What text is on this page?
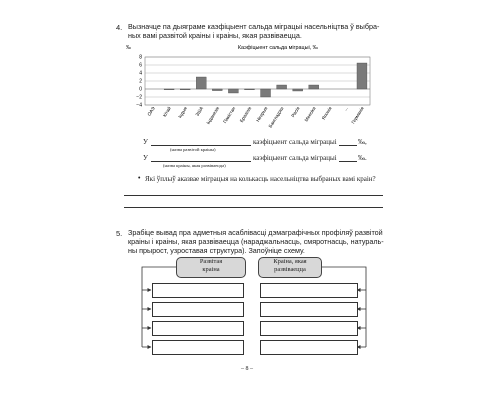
4. Вызначце па дыяграме каэфіцыент сальда міграцыі насельніцтва ў выбра-
ных вамі развітой краіны і краіны, якая развіваецца.
Каэфіцыент сальда міграцыі, ‰
‰
8
6
4
2
0
−2
−4
ОАЭ Кітай Індыя ЗША Інданезія Пакістан Бразілія Нігерыя Бангладэш Расія Мексіка Японія ... Германія
У	каэфіцыент сальда міграцыі	‰,
(назва развітой краіны)
У	каэфіцыент сальда міграцыі	‰.
(назва краіны, якая развіваецца)
• Які ўплыў аказвае міграцыя на колькасць насельніцтва выбраных вамі краін?
5. Зрабіце вывад пра адметныя асаблівасці дэмаграфічных профіляў развітой
краіны і краіны, якая развіваецца (нараджальнасць, смяротнасць, натураль-
ны прырост, узроставая структура). Запоўніце схему.
Развітая
краіна
Краіна, якая
развіваецца
– 8 –
